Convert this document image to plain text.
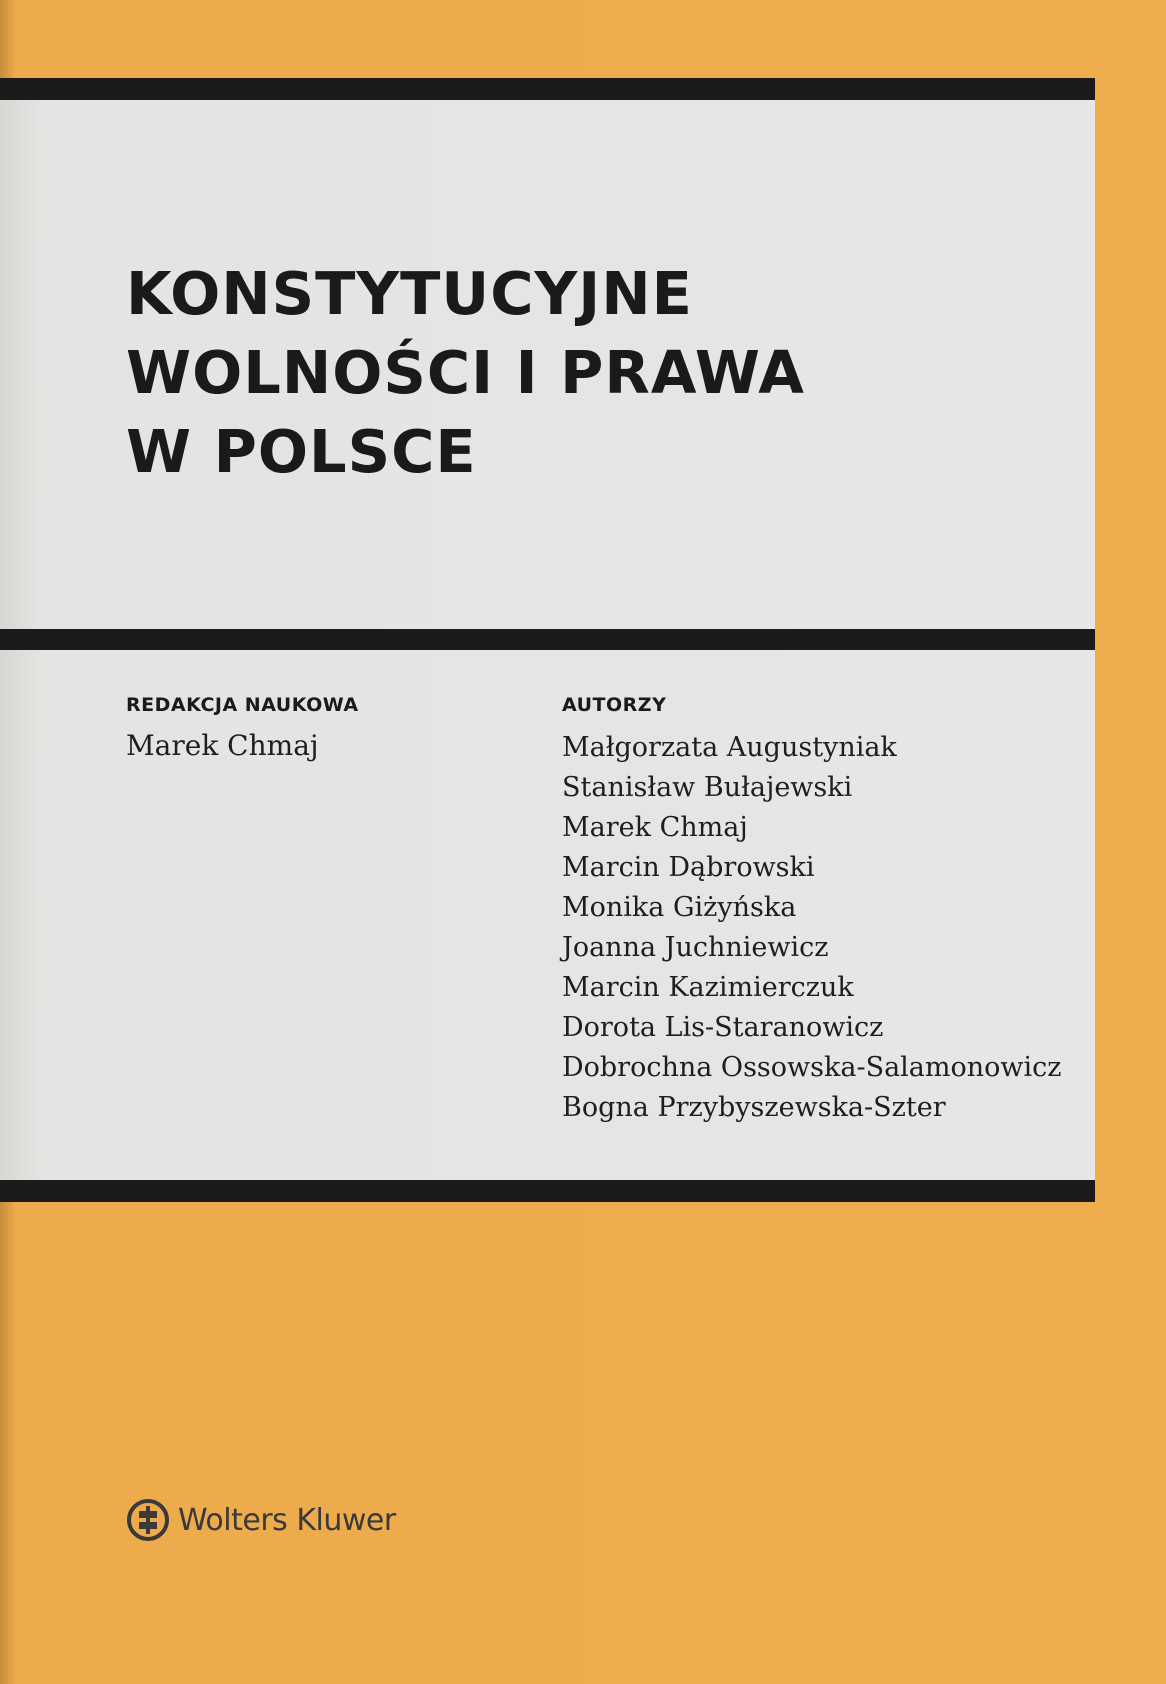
KONSTYTUCYJNE
WOLNOŚCI I PRAWA
W POLSCE
REDAKCJA NAUKOWA
Marek Chmaj
AUTORZY
Małgorzata Augustyniak
Stanisław Bułajewski
Marek Chmaj
Marcin Dąbrowski
Monika Giżyńska
Joanna Juchniewicz
Marcin Kazimierczuk
Dorota Lis-Staranowicz
Dobrochna Ossowska-Salamonowicz
Bogna Przybyszewska-Szter
Wolters Kluwer
